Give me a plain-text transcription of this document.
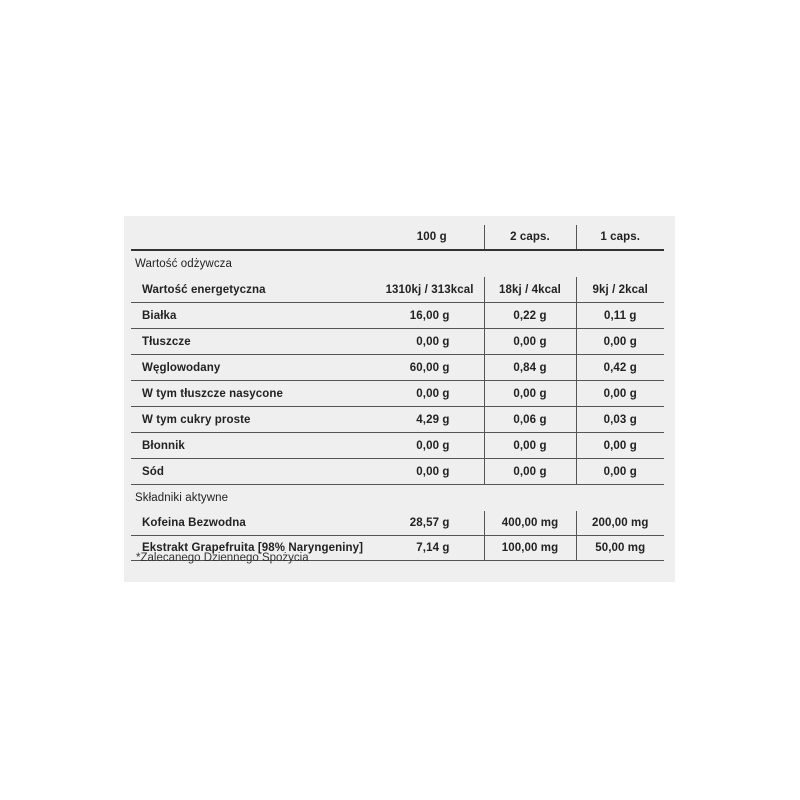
	100 g	2 caps.	1 caps.
Wartość odżywcza			
Wartość energetyczna	1310kj / 313kcal	18kj / 4kcal	9kj / 2kcal
Białka	16,00 g	0,22 g	0,11 g
Tłuszcze	0,00 g	0,00 g	0,00 g
Węglowodany	60,00 g	0,84 g	0,42 g
W tym tłuszcze nasycone	0,00 g	0,00 g	0,00 g
W tym cukry proste	4,29 g	0,06 g	0,03 g
Błonnik	0,00 g	0,00 g	0,00 g
Sód	0,00 g	0,00 g	0,00 g
Składniki aktywne			
Kofeina Bezwodna	28,57 g	400,00 mg	200,00 mg
Ekstrakt Grapefruita [98% Naryngeniny]	7,14 g	100,00 mg	50,00 mg
*Zalecanego Dziennego Spożycia
